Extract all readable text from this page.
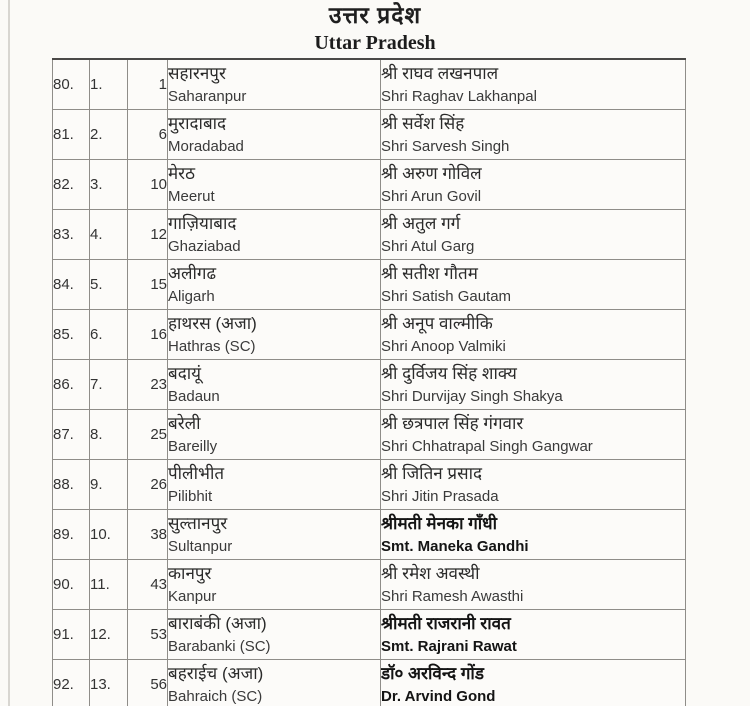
उत्तर प्रदेश
Uttar Pradesh
80.	1.	1	सहारनपुर
Saharanpur	श्री राघव लखनपाल
Shri Raghav Lakhanpal

81.	2.	6	मुरादाबाद
Moradabad	श्री सर्वेश सिंह
Shri Sarvesh Singh

82.	3.	10	मेरठ
Meerut	श्री अरुण गोविल
Shri Arun Govil

83.	4.	12	गाज़ियाबाद
Ghaziabad	श्री अतुल गर्ग
Shri Atul Garg

84.	5.	15	अलीगढ
Aligarh	श्री सतीश गौतम
Shri Satish Gautam

85.	6.	16	हाथरस (अजा)
Hathras (SC)	श्री अनूप वाल्मीकि
Shri Anoop Valmiki

86.	7.	23	बदायूं
Badaun	श्री दुर्विजय सिंह शाक्य
Shri Durvijay Singh Shakya

87.	8.	25	बरेली
Bareilly	श्री छत्रपाल सिंह गंगवार
Shri Chhatrapal Singh Gangwar

88.	9.	26	पीलीभीत
Pilibhit	श्री जितिन प्रसाद
Shri Jitin Prasada

89.	10.	38	सुल्तानपुर
Sultanpur	श्रीमती मेनका गाँधी
Smt. Maneka Gandhi

90.	11.	43	कानपुर
Kanpur	श्री रमेश अवस्थी
Shri Ramesh Awasthi

91.	12.	53	बाराबंकी (अजा)
Barabanki (SC)	श्रीमती राजरानी रावत
Smt. Rajrani Rawat

92.	13.	56	बहराईच (अजा)
Bahraich (SC)	डॉ० अरविन्द गोंड
Dr. Arvind Gond
